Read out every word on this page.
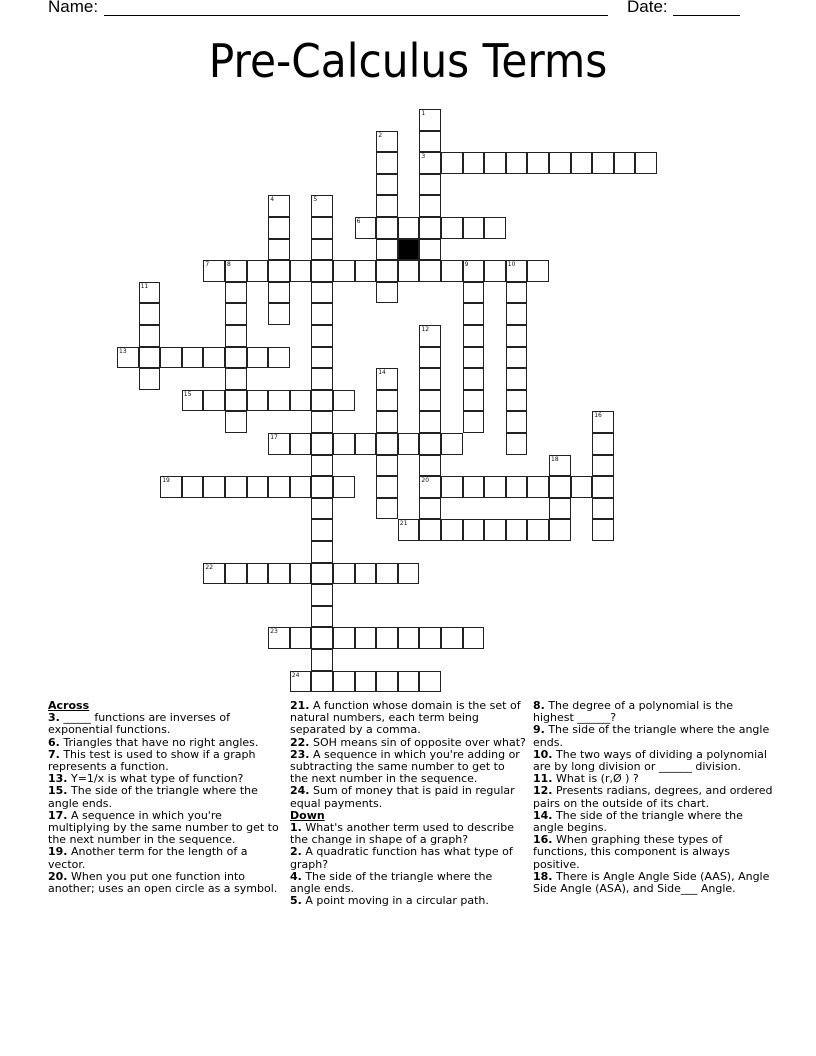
Name:	Date:
Pre-Calculus Terms
3
6
7	8	9	10
13
15
17
19	20
21
22
23
24
1
2
4	5
11
12
14
16
18
Across
3. _____ functions are inverses of exponential functions.
6. Triangles that have no right angles.
7. This test is used to show if a graph represents a function.
13. Y=1/x is what type of function?
15. The side of the triangle where the angle ends.
17. A sequence in which you're multiplying by the same number to get to the next number in the sequence.
19. Another term for the length of a vector.
20. When you put one function into another; uses an open circle as a symbol.
21. A function whose domain is the set of natural numbers, each term being separated by a comma.
22. SOH means sin of opposite over what?
23. A sequence in which you're adding or subtracting the same number to get to the next number in the sequence.
24. Sum of money that is paid in regular equal payments.
Down
1. What's another term used to describe the change in shape of a graph?
2. A quadratic function has what type of graph?
4. The side of the triangle where the angle ends.
5. A point moving in a circular path.
8. The degree of a polynomial is the highest ______?
9. The side of the triangle where the angle ends.
10. The two ways of dividing a polynomial are by long division or ______ division.
11. What is (r,Ø ) ?
12. Presents radians, degrees, and ordered pairs on the outside of its chart.
14. The side of the triangle where the angle begins.
16. When graphing these types of functions, this component is always positive.
18. There is Angle Angle Side (AAS), Angle Side Angle (ASA), and Side___ Angle.
